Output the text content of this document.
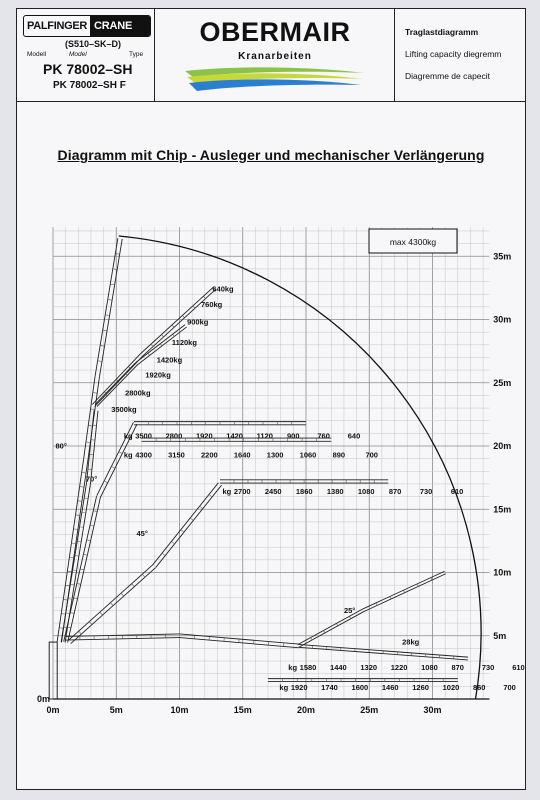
PALFINGER CRANE
(S510–SK–D)
Modell	Model	Type
PK 78002–SH
PK 78002–SH F
OBERMAIR
Kranarbeiten
Traglastdiagramm
Lifting capacity diegremm
Diagremme de capecit
Diagramm mit Chip - Ausleger und mechanischer Verlängerung
80°
70°
45°
25°
640kg
760kg
900kg
1120kg
1420kg
1920kg
2800kg
3500kg
kg 3500 2800 1920 1420 1120 900 760 640
kg 4300 3150 2200 1640 1300 1060 890	700
kg 2700 2450 1860 1380 1080 870 730 610
28kg
kg 1580 1440 1320 1220 1080 870 730 610
kg 1920 1740 1600 1460 1260 1020 860 700
0m	5m	10m	15m	20m	25m	30m
0m
5m
10m
15m
20m
25m
30m
35m
max 4300kg
